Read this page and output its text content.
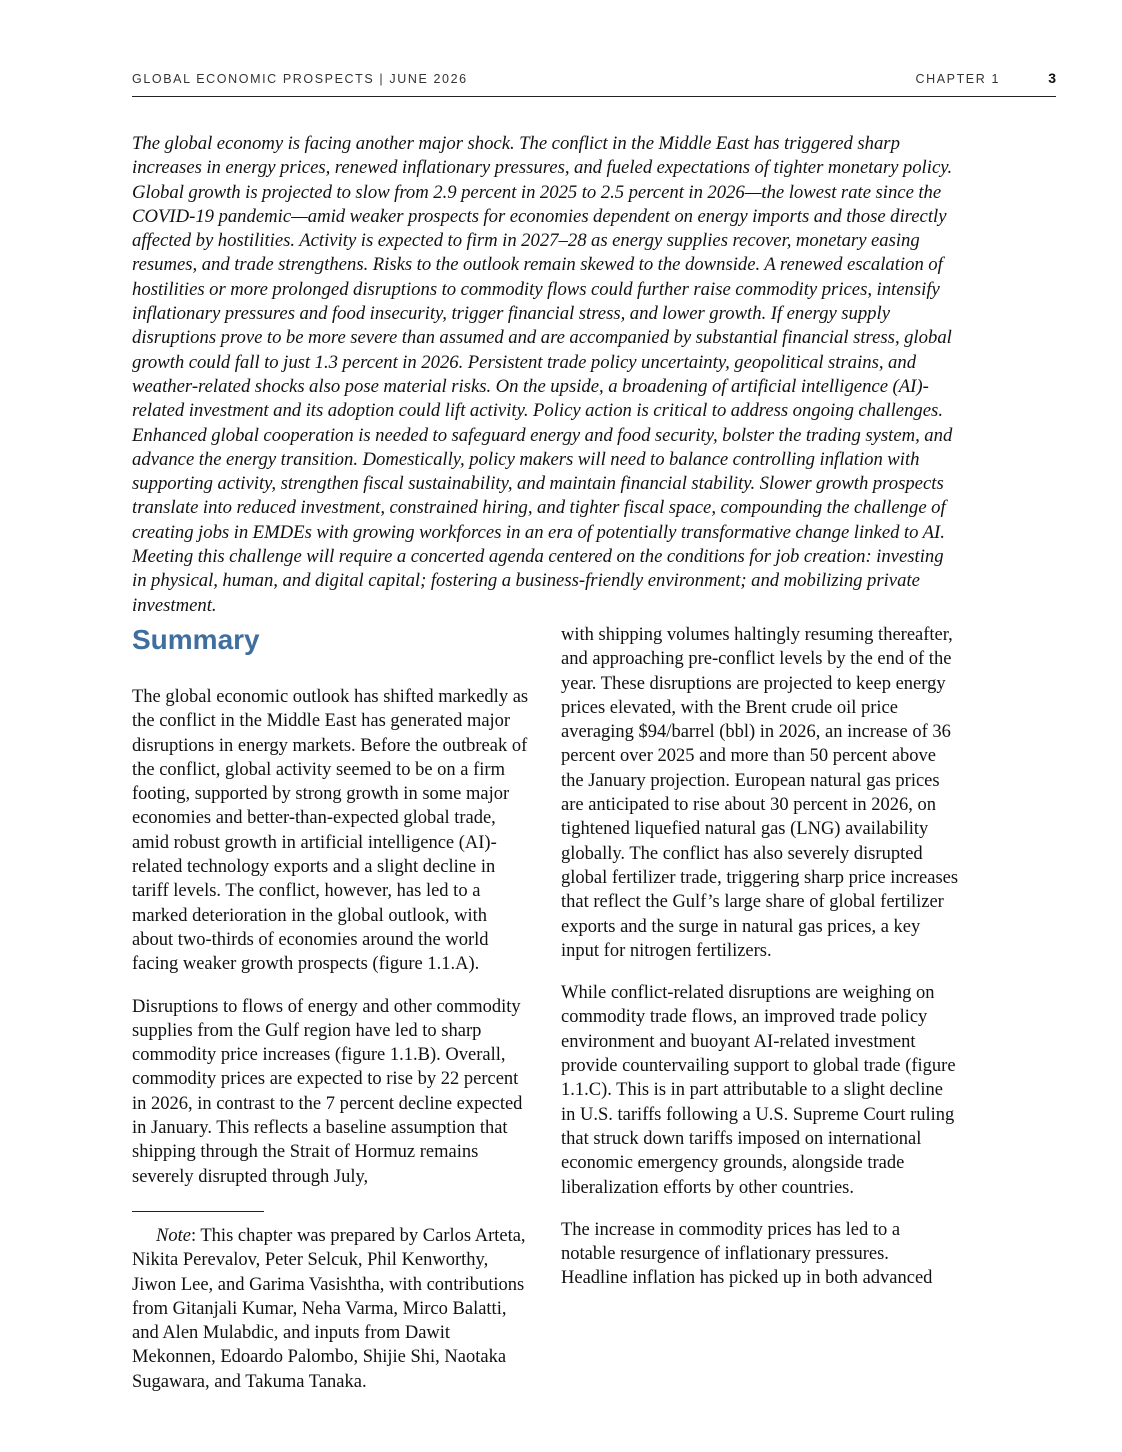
GLOBAL ECONOMIC PROSPECTS | JUNE 2026	CHAPTER 1	3

The global economy is facing another major shock. The conflict in the Middle East has triggered sharp increases in energy prices, renewed inflationary pressures, and fueled expectations of tighter monetary policy. Global growth is projected to slow from 2.9 percent in 2025 to 2.5 percent in 2026—the lowest rate since the COVID-19 pandemic—amid weaker prospects for economies dependent on energy imports and those directly affected by hostilities. Activity is expected to firm in 2027–28 as energy supplies recover, monetary easing resumes, and trade strengthens. Risks to the outlook remain skewed to the downside. A renewed escalation of hostilities or more prolonged disruptions to commodity flows could further raise commodity prices, intensify inflationary pressures and food insecurity, trigger financial stress, and lower growth. If energy supply disruptions prove to be more severe than assumed and are accompanied by substantial financial stress, global growth could fall to just 1.3 percent in 2026. Persistent trade policy uncertainty, geopolitical strains, and weather-related shocks also pose material risks. On the upside, a broadening of artificial intelligence (AI)-related investment and its adoption could lift activity. Policy action is critical to address ongoing challenges. Enhanced global cooperation is needed to safeguard energy and food security, bolster the trading system, and advance the energy transition. Domestically, policy makers will need to balance controlling inflation with supporting activity, strengthen fiscal sustainability, and maintain financial stability. Slower growth prospects translate into reduced investment, constrained hiring, and tighter fiscal space, compounding the challenge of creating jobs in EMDEs with growing workforces in an era of potentially transformative change linked to AI. Meeting this challenge will require a concerted agenda centered on the conditions for job creation: investing in physical, human, and digital capital; fostering a business-friendly environment; and mobilizing private investment.

Summary

The global economic outlook has shifted markedly as the conflict in the Middle East has generated major disruptions in energy markets. Before the outbreak of the conflict, global activity seemed to be on a firm footing, supported by strong growth in some major economies and better-than-expected global trade, amid robust growth in artificial intelligence (AI)-related technology exports and a slight decline in tariff levels. The conflict, however, has led to a marked deterioration in the global outlook, with about two-thirds of economies around the world facing weaker growth prospects (figure 1.1.A).

Disruptions to flows of energy and other commodity supplies from the Gulf region have led to sharp commodity price increases (figure 1.1.B). Overall, commodity prices are expected to rise by 22 percent in 2026, in contrast to the 7 percent decline expected in January. This reflects a baseline assumption that shipping through the Strait of Hormuz remains severely disrupted through July,

Note: This chapter was prepared by Carlos Arteta, Nikita Perevalov, Peter Selcuk, Phil Kenworthy, Jiwon Lee, and Garima Vasishtha, with contributions from Gitanjali Kumar, Neha Varma, Mirco Balatti, and Alen Mulabdic, and inputs from Dawit Mekonnen, Edoardo Palombo, Shijie Shi, Naotaka Sugawara, and Takuma Tanaka.

with shipping volumes haltingly resuming thereafter, and approaching pre-conflict levels by the end of the year. These disruptions are projected to keep energy prices elevated, with the Brent crude oil price averaging $94/barrel (bbl) in 2026, an increase of 36 percent over 2025 and more than 50 percent above the January projection. European natural gas prices are anticipated to rise about 30 percent in 2026, on tightened liquefied natural gas (LNG) availability globally. The conflict has also severely disrupted global fertilizer trade, triggering sharp price increases that reflect the Gulf’s large share of global fertilizer exports and the surge in natural gas prices, a key input for nitrogen fertilizers.

While conflict-related disruptions are weighing on commodity trade flows, an improved trade policy environment and buoyant AI-related investment provide countervailing support to global trade (figure 1.1.C). This is in part attributable to a slight decline in U.S. tariffs following a U.S. Supreme Court ruling that struck down tariffs imposed on international economic emergency grounds, alongside trade liberalization efforts by other countries.

The increase in commodity prices has led to a notable resurgence of inflationary pressures. Headline inflation has picked up in both advanced
